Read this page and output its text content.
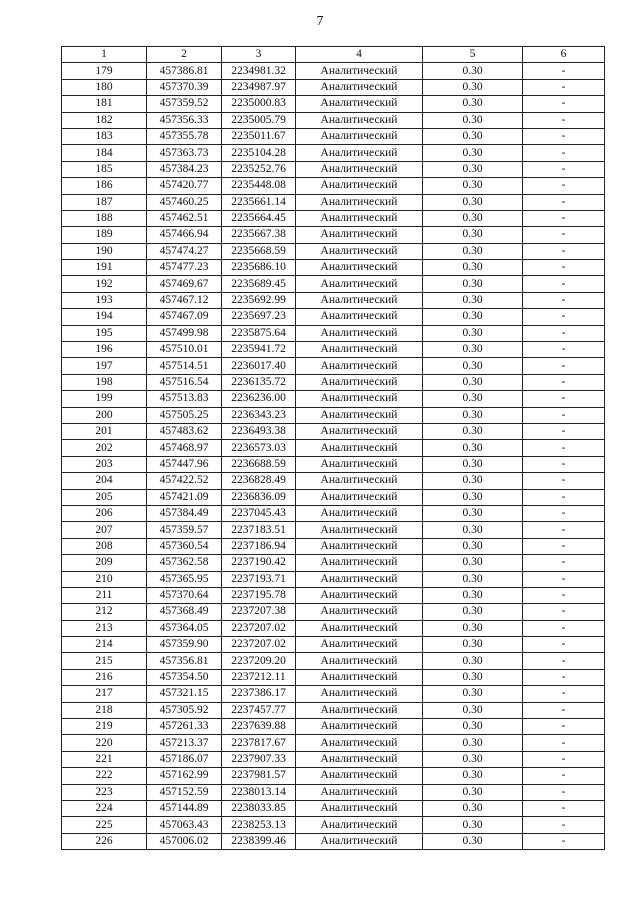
7
1	2	3	4	5	6
179	457386.81	2234981.32	Аналитический	0.30	-
180	457370.39	2234987.97	Аналитический	0.30	-
181	457359.52	2235000.83	Аналитический	0.30	-
182	457356.33	2235005.79	Аналитический	0.30	-
183	457355.78	2235011.67	Аналитический	0.30	-
184	457363.73	2235104.28	Аналитический	0.30	-
185	457384.23	2235252.76	Аналитический	0.30	-
186	457420.77	2235448.08	Аналитический	0.30	-
187	457460.25	2235661.14	Аналитический	0.30	-
188	457462.51	2235664.45	Аналитический	0.30	-
189	457466.94	2235667.38	Аналитический	0.30	-
190	457474.27	2235668.59	Аналитический	0.30	-
191	457477.23	2235686.10	Аналитический	0.30	-
192	457469.67	2235689.45	Аналитический	0.30	-
193	457467.12	2235692.99	Аналитический	0.30	-
194	457467.09	2235697.23	Аналитический	0.30	-
195	457499.98	2235875.64	Аналитический	0.30	-
196	457510.01	2235941.72	Аналитический	0.30	-
197	457514.51	2236017.40	Аналитический	0.30	-
198	457516.54	2236135.72	Аналитический	0.30	-
199	457513.83	2236236.00	Аналитический	0.30	-
200	457505.25	2236343.23	Аналитический	0.30	-
201	457483.62	2236493.38	Аналитический	0.30	-
202	457468.97	2236573.03	Аналитический	0.30	-
203	457447.96	2236688.59	Аналитический	0.30	-
204	457422.52	2236828.49	Аналитический	0.30	-
205	457421.09	2236836.09	Аналитический	0.30	-
206	457384.49	2237045.43	Аналитический	0.30	-
207	457359.57	2237183.51	Аналитический	0.30	-
208	457360.54	2237186.94	Аналитический	0.30	-
209	457362.58	2237190.42	Аналитический	0.30	-
210	457365.95	2237193.71	Аналитический	0.30	-
211	457370.64	2237195.78	Аналитический	0.30	-
212	457368.49	2237207.38	Аналитический	0.30	-
213	457364.05	2237207.02	Аналитический	0.30	-
214	457359.90	2237207.02	Аналитический	0.30	-
215	457356.81	2237209.20	Аналитический	0.30	-
216	457354.50	2237212.11	Аналитический	0.30	-
217	457321.15	2237386.17	Аналитический	0.30	-
218	457305.92	2237457.77	Аналитический	0.30	-
219	457261.33	2237639.88	Аналитический	0.30	-
220	457213.37	2237817.67	Аналитический	0.30	-
221	457186.07	2237907.33	Аналитический	0.30	-
222	457162.99	2237981.57	Аналитический	0.30	-
223	457152.59	2238013.14	Аналитический	0.30	-
224	457144.89	2238033.85	Аналитический	0.30	-
225	457063.43	2238253.13	Аналитический	0.30	-
226	457006.02	2238399.46	Аналитический	0.30	-
